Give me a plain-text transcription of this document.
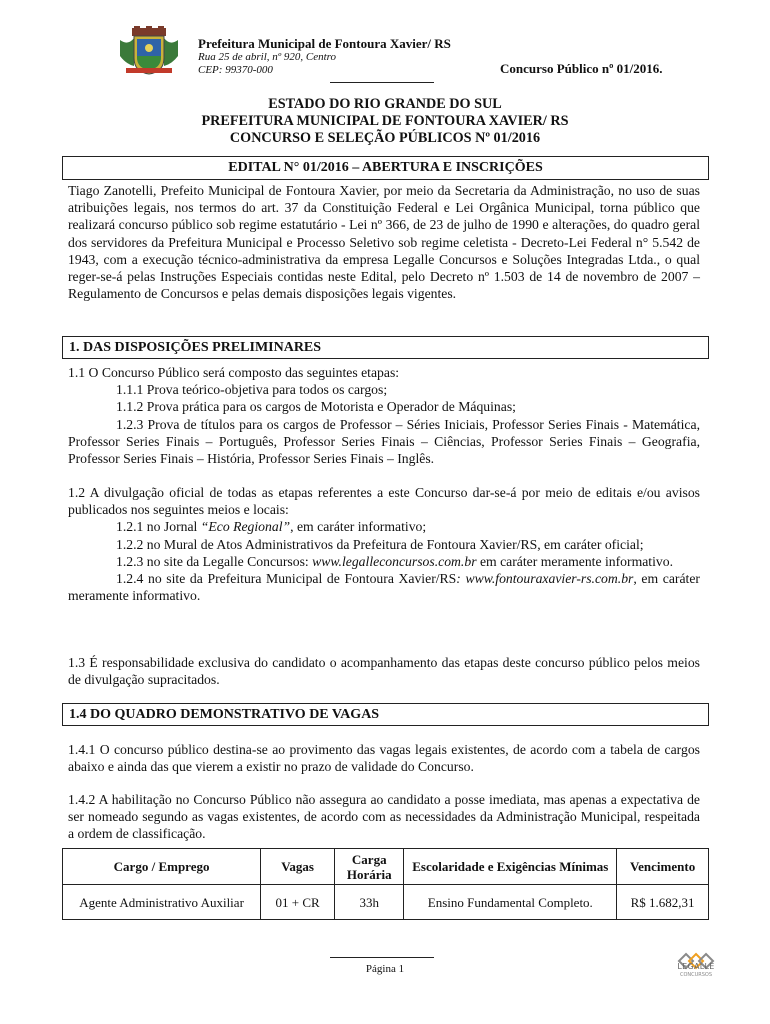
Prefeitura Municipal de Fontoura Xavier/ RS
Rua 25 de abril, nº 920, Centro
CEP: 99370-000	Concurso Público nº 01/2016.
ESTADO DO RIO GRANDE DO SUL
PREFEITURA MUNICIPAL DE FONTOURA XAVIER/ RS
CONCURSO E SELEÇÃO PÚBLICOS Nº 01/2016
EDITAL N° 01/2016 – ABERTURA E INSCRIÇÕES

Tiago Zanotelli, Prefeito Municipal de Fontoura Xavier, por meio da Secretaria da Administração, no uso de suas atribuições legais, nos termos do art. 37 da Constituição Federal e Lei Orgânica Municipal, torna público que realizará concurso público sob regime estatutário - Lei nº 366, de 23 de julho de 1990 e alterações, do quadro geral dos servidores da Prefeitura Municipal e Processo Seletivo sob regime celetista - Decreto-Lei Federal n° 5.542 de 1943, com a execução técnico-administrativa da empresa Legalle Concursos e Soluções Integradas Ltda., o qual reger-se-á pelas Instruções Especiais contidas neste Edital, pelo Decreto nº 1.503 de 14 de novembro de 2007 – Regulamento de Concursos e pelas demais disposições legais vigentes.

1. DAS DISPOSIÇÕES PRELIMINARES

1.1 O Concurso Público será composto das seguintes etapas:

1.1.1 Prova teórico-objetiva para todos os cargos;

1.1.2 Prova prática para os cargos de Motorista e Operador de Máquinas;

1.2.3 Prova de títulos para os cargos de Professor – Séries Iniciais, Professor Series Finais - Matemática, Professor Series Finais – Português, Professor Series Finais – Ciências, Professor Series Finais – Geografia, Professor Series Finais – História, Professor Series Finais – Inglês.

1.2 A divulgação oficial de todas as etapas referentes a este Concurso dar-se-á por meio de editais e/ou avisos publicados nos seguintes meios e locais:

1.2.1 no Jornal “Eco Regional”, em caráter informativo;

1.2.2 no Mural de Atos Administrativos da Prefeitura de Fontoura Xavier/RS, em caráter oficial;

1.2.3 no site da Legalle Concursos: www.legalleconcursos.com.br em caráter meramente informativo.

1.2.4 no site da Prefeitura Municipal de Fontoura Xavier/RS: www.fontouraxavier-rs.com.br, em caráter meramente informativo.

1.3 É responsabilidade exclusiva do candidato o acompanhamento das etapas deste concurso público pelos meios de divulgação supracitados.

1.4 DO QUADRO DEMONSTRATIVO DE VAGAS

1.4.1 O concurso público destina-se ao provimento das vagas legais existentes, de acordo com a tabela de cargos abaixo e ainda das que vierem a existir no prazo de validade do Concurso.

1.4.2 A habilitação no Concurso Público não assegura ao candidato a posse imediata, mas apenas a expectativa de ser nomeado segundo as vagas existentes, de acordo com as necessidades da Administração Municipal, respeitada a ordem de classificação.

Cargo / Emprego	Vagas	Carga Horária	Escolaridade e Exigências Mínimas	Vencimento
Agente Administrativo Auxiliar	01 + CR	33h	Ensino Fundamental Completo.	R$ 1.682,31
Página 1	LEGALLE
CONCURSOS
